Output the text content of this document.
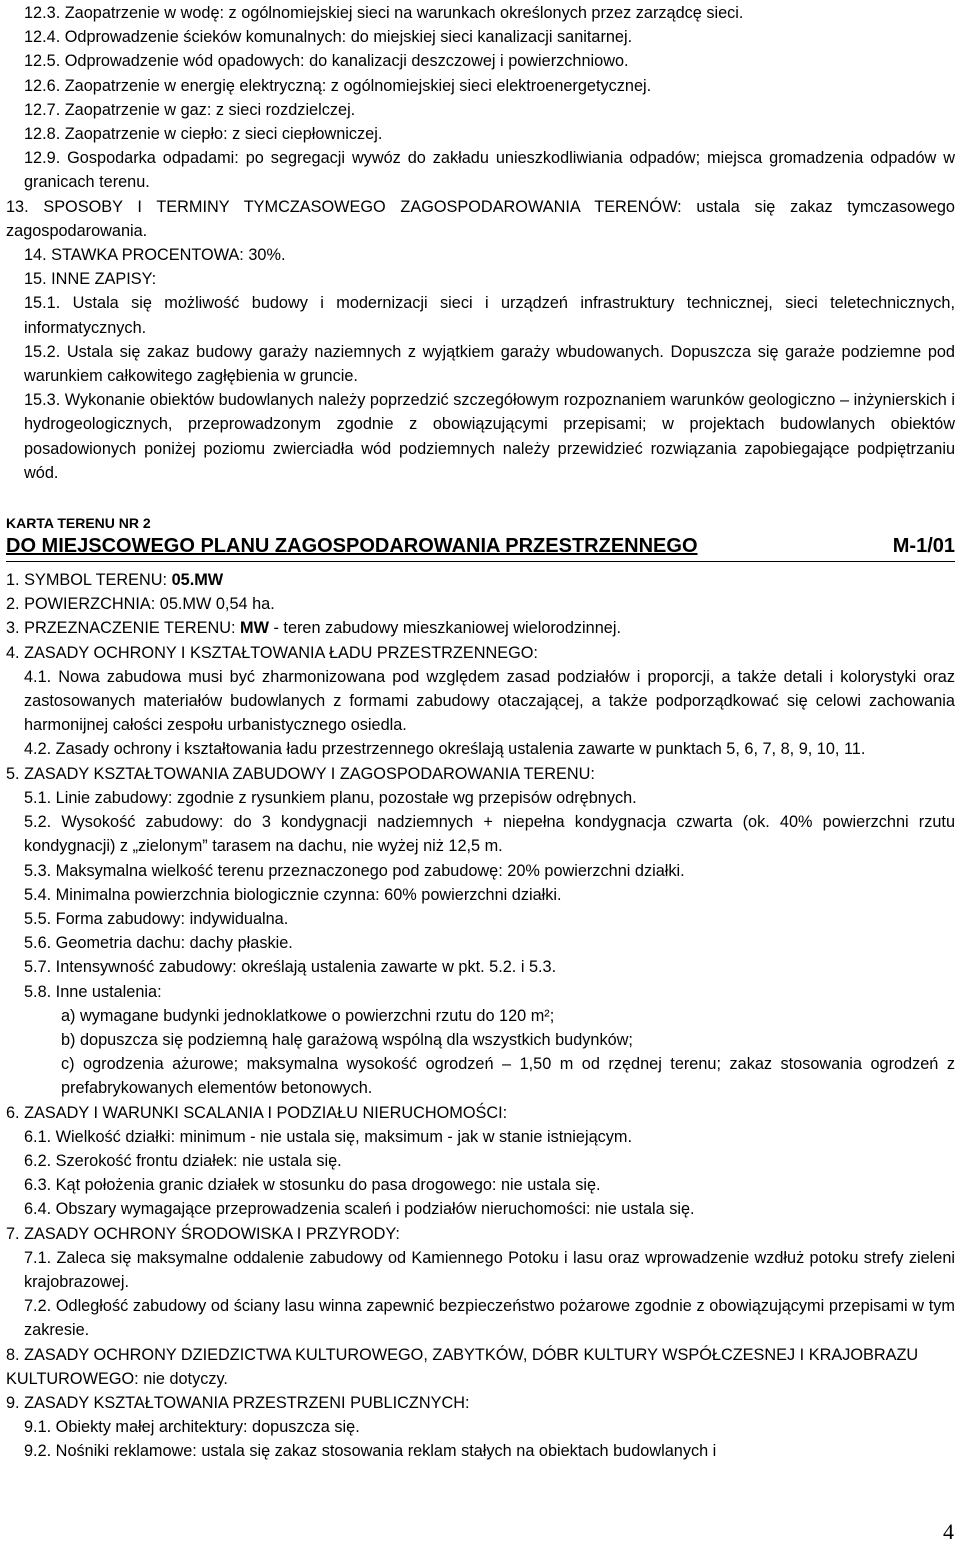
12.3. Zaopatrzenie w wodę: z ogólnomiejskiej sieci na warunkach określonych przez zarządcę sieci.

12.4. Odprowadzenie ścieków komunalnych: do miejskiej sieci kanalizacji sanitarnej.

12.5. Odprowadzenie wód opadowych: do kanalizacji deszczowej i powierzchniowo.

12.6. Zaopatrzenie w energię elektryczną: z ogólnomiejskiej sieci elektroenergetycznej.

12.7. Zaopatrzenie w gaz: z sieci rozdzielczej.

12.8. Zaopatrzenie w ciepło: z sieci ciepłowniczej.

12.9. Gospodarka odpadami: po segregacji wywóz do zakładu unieszkodliwiania odpadów; miejsca gromadzenia odpadów w granicach terenu.

13. SPOSOBY I TERMINY TYMCZASOWEGO ZAGOSPODAROWANIA TERENÓW: ustala się zakaz tymczasowego zagospodarowania.

14. STAWKA PROCENTOWA: 30%.

15. INNE ZAPISY:

15.1. Ustala się możliwość budowy i modernizacji sieci i urządzeń infrastruktury technicznej, sieci teletechnicznych, informatycznych.

15.2. Ustala się zakaz budowy garaży naziemnych z wyjątkiem garaży wbudowanych. Dopuszcza się garaże podziemne pod warunkiem całkowitego zagłębienia w gruncie.

15.3. Wykonanie obiektów budowlanych należy poprzedzić szczegółowym rozpoznaniem warunków geologiczno – inżynierskich i hydrogeologicznych, przeprowadzonym zgodnie z obowiązującymi przepisami; w projektach budowlanych obiektów posadowionych poniżej poziomu zwierciadła wód podziemnych należy przewidzieć rozwiązania zapobiegające podpiętrzaniu wód.

KARTA TERENU NR 2
DO MIEJSCOWEGO PLANU ZAGOSPODAROWANIA PRZESTRZENNEGO	M-1/01

1. SYMBOL TERENU: 05.MW

2. POWIERZCHNIA: 05.MW 0,54 ha.

3. PRZEZNACZENIE TERENU: MW - teren zabudowy mieszkaniowej wielorodzinnej.

4. ZASADY OCHRONY I KSZTAŁTOWANIA ŁADU PRZESTRZENNEGO:

4.1. Nowa zabudowa musi być zharmonizowana pod względem zasad podziałów i proporcji, a także detali i kolorystyki oraz zastosowanych materiałów budowlanych z formami zabudowy otaczającej, a także podporządkować się celowi zachowania harmonijnej całości zespołu urbanistycznego osiedla.

4.2. Zasady ochrony i kształtowania ładu przestrzennego określają ustalenia zawarte w punktach 5, 6, 7, 8, 9, 10, 11.

5. ZASADY KSZTAŁTOWANIA ZABUDOWY I ZAGOSPODAROWANIA TERENU:

5.1. Linie zabudowy: zgodnie z rysunkiem planu, pozostałe wg przepisów odrębnych.

5.2. Wysokość zabudowy: do 3 kondygnacji nadziemnych + niepełna kondygnacja czwarta (ok. 40% powierzchni rzutu kondygnacji) z „zielonym” tarasem na dachu, nie wyżej niż 12,5 m.

5.3. Maksymalna wielkość terenu przeznaczonego pod zabudowę: 20% powierzchni działki.

5.4. Minimalna powierzchnia biologicznie czynna: 60% powierzchni działki.

5.5. Forma zabudowy: indywidualna.

5.6. Geometria dachu: dachy płaskie.

5.7. Intensywność zabudowy: określają ustalenia zawarte w pkt. 5.2. i 5.3.

5.8. Inne ustalenia:

a) wymagane budynki jednoklatkowe o powierzchni rzutu do 120 m²;

b) dopuszcza się podziemną halę garażową wspólną dla wszystkich budynków;

c) ogrodzenia ażurowe; maksymalna wysokość ogrodzeń – 1,50 m od rzędnej terenu; zakaz stosowania ogrodzeń z prefabrykowanych elementów betonowych.

6. ZASADY I WARUNKI SCALANIA I PODZIAŁU NIERUCHOMOŚCI:

6.1. Wielkość działki: minimum - nie ustala się, maksimum - jak w stanie istniejącym.

6.2. Szerokość frontu działek: nie ustala się.

6.3. Kąt położenia granic działek w stosunku do pasa drogowego: nie ustala się.

6.4. Obszary wymagające przeprowadzenia scaleń i podziałów nieruchomości: nie ustala się.

7. ZASADY OCHRONY ŚRODOWISKA I PRZYRODY:

7.1. Zaleca się maksymalne oddalenie zabudowy od Kamiennego Potoku i lasu oraz wprowadzenie wzdłuż potoku strefy zieleni krajobrazowej.

7.2. Odległość zabudowy od ściany lasu winna zapewnić bezpieczeństwo pożarowe zgodnie z obowiązującymi przepisami w tym zakresie.

8. ZASADY OCHRONY DZIEDZICTWA KULTUROWEGO, ZABYTKÓW, DÓBR KULTURY WSPÓŁCZESNEJ I KRAJOBRAZU KULTUROWEGO: nie dotyczy.

9. ZASADY KSZTAŁTOWANIA PRZESTRZENI PUBLICZNYCH:

9.1. Obiekty małej architektury: dopuszcza się.

9.2. Nośniki reklamowe: ustala się zakaz stosowania reklam stałych na obiektach budowlanych i

4
